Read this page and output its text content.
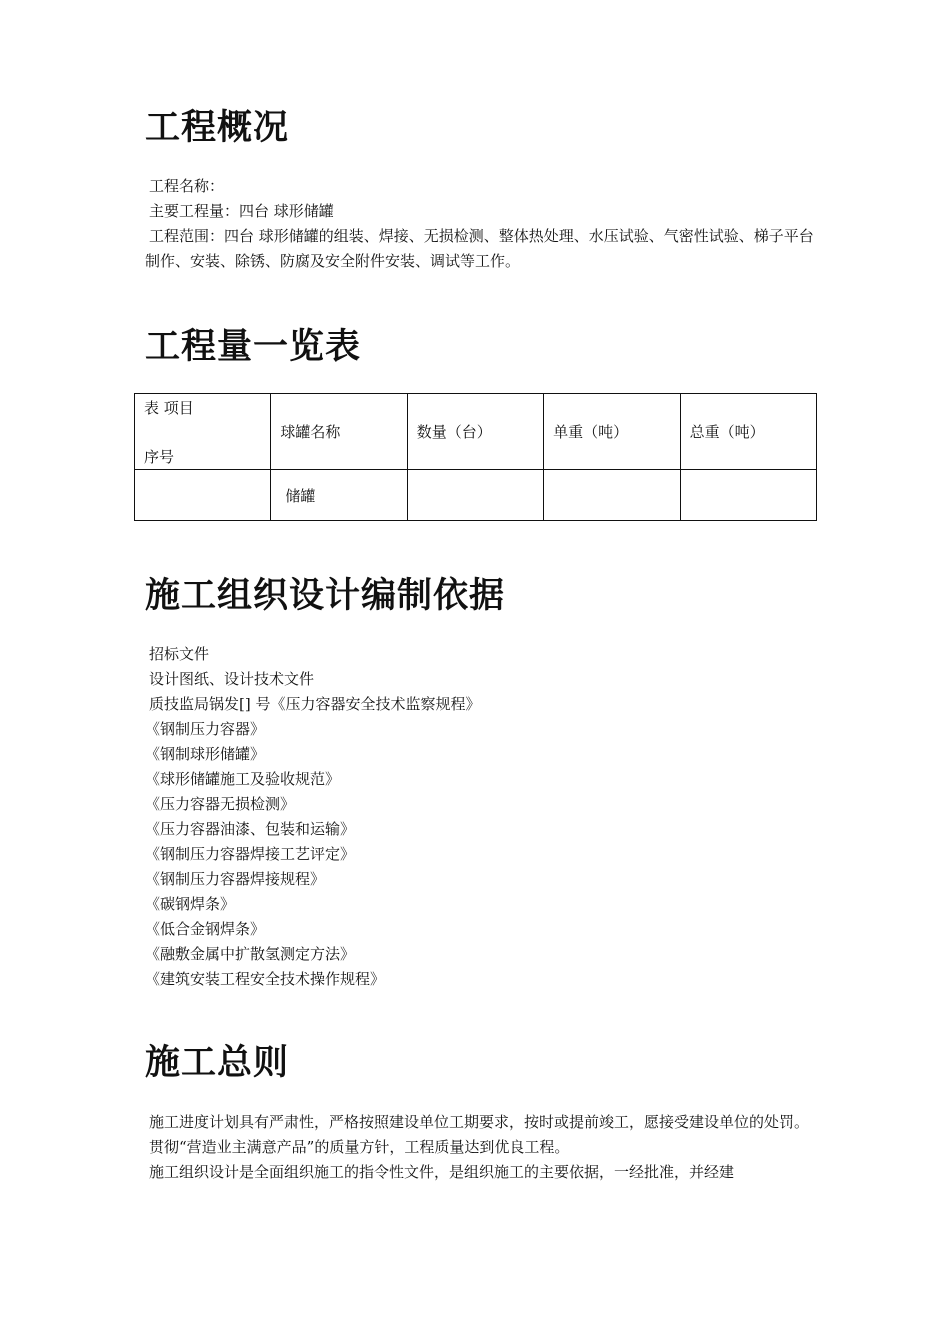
工程概况

工程名称：

主要工程量：四台 球形储罐

工程范围：四台 球形储罐的组装、焊接、无损检测、整体热处理、水压试验、气密性试验、梯子平台制作、安装、除锈、防腐及安全附件安装、调试等工作。

工程量一览表
表 项目
序号	球罐名称	数量（台）	单重（吨）	总重（吨）
	储罐			
施工组织设计编制依据

招标文件

设计图纸、设计技术文件

质技监局锅发[] 号《压力容器安全技术监察规程》

《钢制压力容器》

《钢制球形储罐》

《球形储罐施工及验收规范》

《压力容器无损检测》

《压力容器油漆、包装和运输》

《钢制压力容器焊接工艺评定》

《钢制压力容器焊接规程》

《碳钢焊条》

《低合金钢焊条》

《融敷金属中扩散氢测定方法》

《建筑安装工程安全技术操作规程》

施工总则

施工进度计划具有严肃性，严格按照建设单位工期要求，按时或提前竣工，愿接受建设单位的处罚。

贯彻“营造业主满意产品”的质量方针，工程质量达到优良工程。

施工组织设计是全面组织施工的指令性文件，是组织施工的主要依据，一经批准，并经建
